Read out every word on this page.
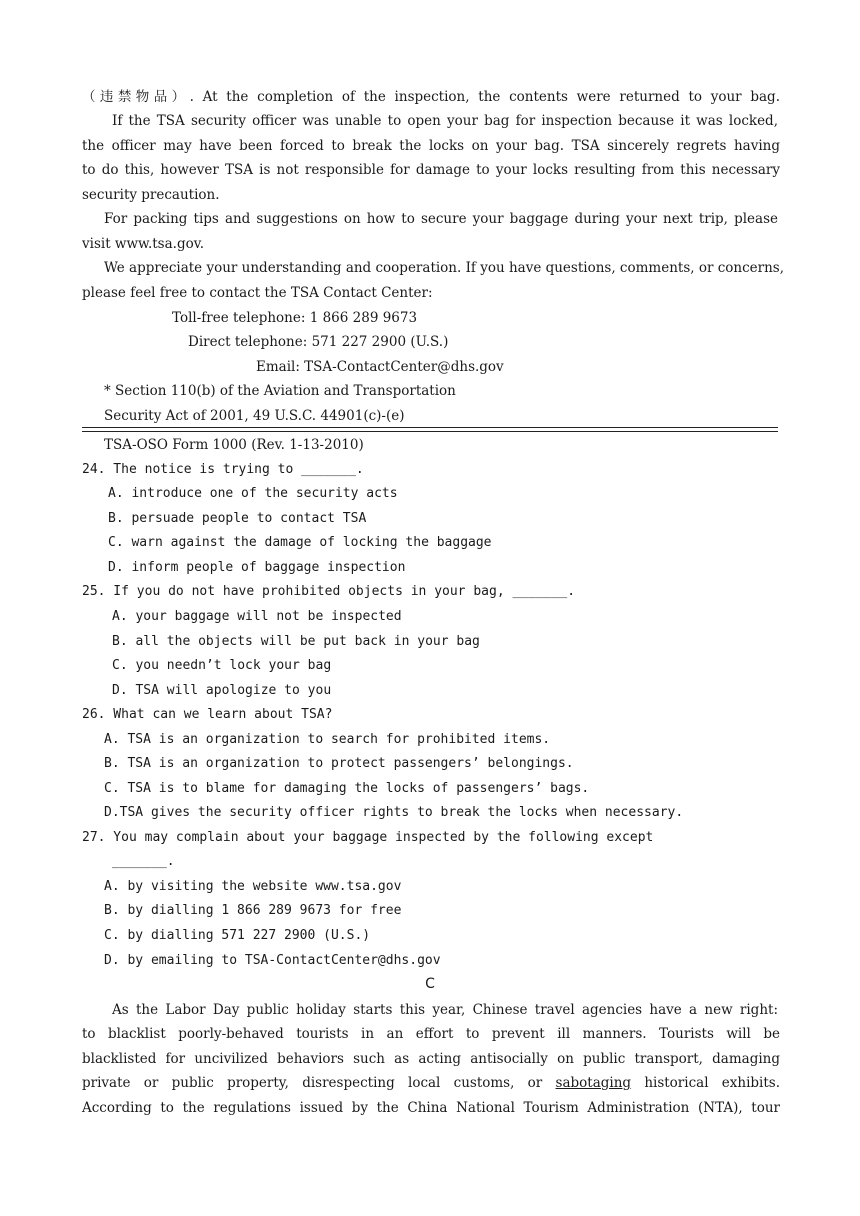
（违禁物品）. At the completion of the inspection, the contents were returned to your bag.
If the TSA security officer was unable to open your bag for inspection because it was locked,
the officer may have been forced to break the locks on your bag. TSA sincerely regrets having
to do this, however TSA is not responsible for damage to your locks resulting from this necessary
security precaution.
For packing tips and suggestions on how to secure your baggage during your next trip, please
visit www.tsa.gov.
We appreciate your understanding and cooperation. If you have questions, comments, or concerns,
please feel free to contact the TSA Contact Center:
Toll-free telephone: 1 866 289 9673
Direct telephone: 571 227 2900 (U.S.)
Email: TSA-ContactCenter@dhs.gov
* Section 110(b) of the Aviation and Transportation
Security Act of 2001, 49 U.S.C. 44901(c)-(e)
TSA-OSO Form 1000 (Rev. 1-13-2010)
24. The notice is trying to _______.
A. introduce one of the security acts
B. persuade people to contact TSA
C. warn against the damage of locking the baggage
D. inform people of baggage inspection
25. If you do not have prohibited objects in your bag, _______.
A. your baggage will not be inspected
B. all the objects will be put back in your bag
C. you needn’t lock your bag
D. TSA will apologize to you
26. What can we learn about TSA?
A. TSA is an organization to search for prohibited items.
B. TSA is an organization to protect passengers’ belongings.
C. TSA is to blame for damaging the locks of passengers’ bags.
D.TSA gives the security officer rights to break the locks when necessary.
27. You may complain about your baggage inspected by the following except
_______.
A. by visiting the website www.tsa.gov
B. by dialling 1 866 289 9673 for free
C. by dialling 571 227 2900 (U.S.)
D. by emailing to TSA-ContactCenter@dhs.gov
C
As the Labor Day public holiday starts this year, Chinese travel agencies have a new right:
to blacklist poorly-behaved tourists in an effort to prevent ill manners. Tourists will be
blacklisted for uncivilized behaviors such as acting antisocially on public transport, damaging
private or public property, disrespecting local customs, or sabotaging historical exhibits.
According to the regulations issued by the China National Tourism Administration (NTA), tour
